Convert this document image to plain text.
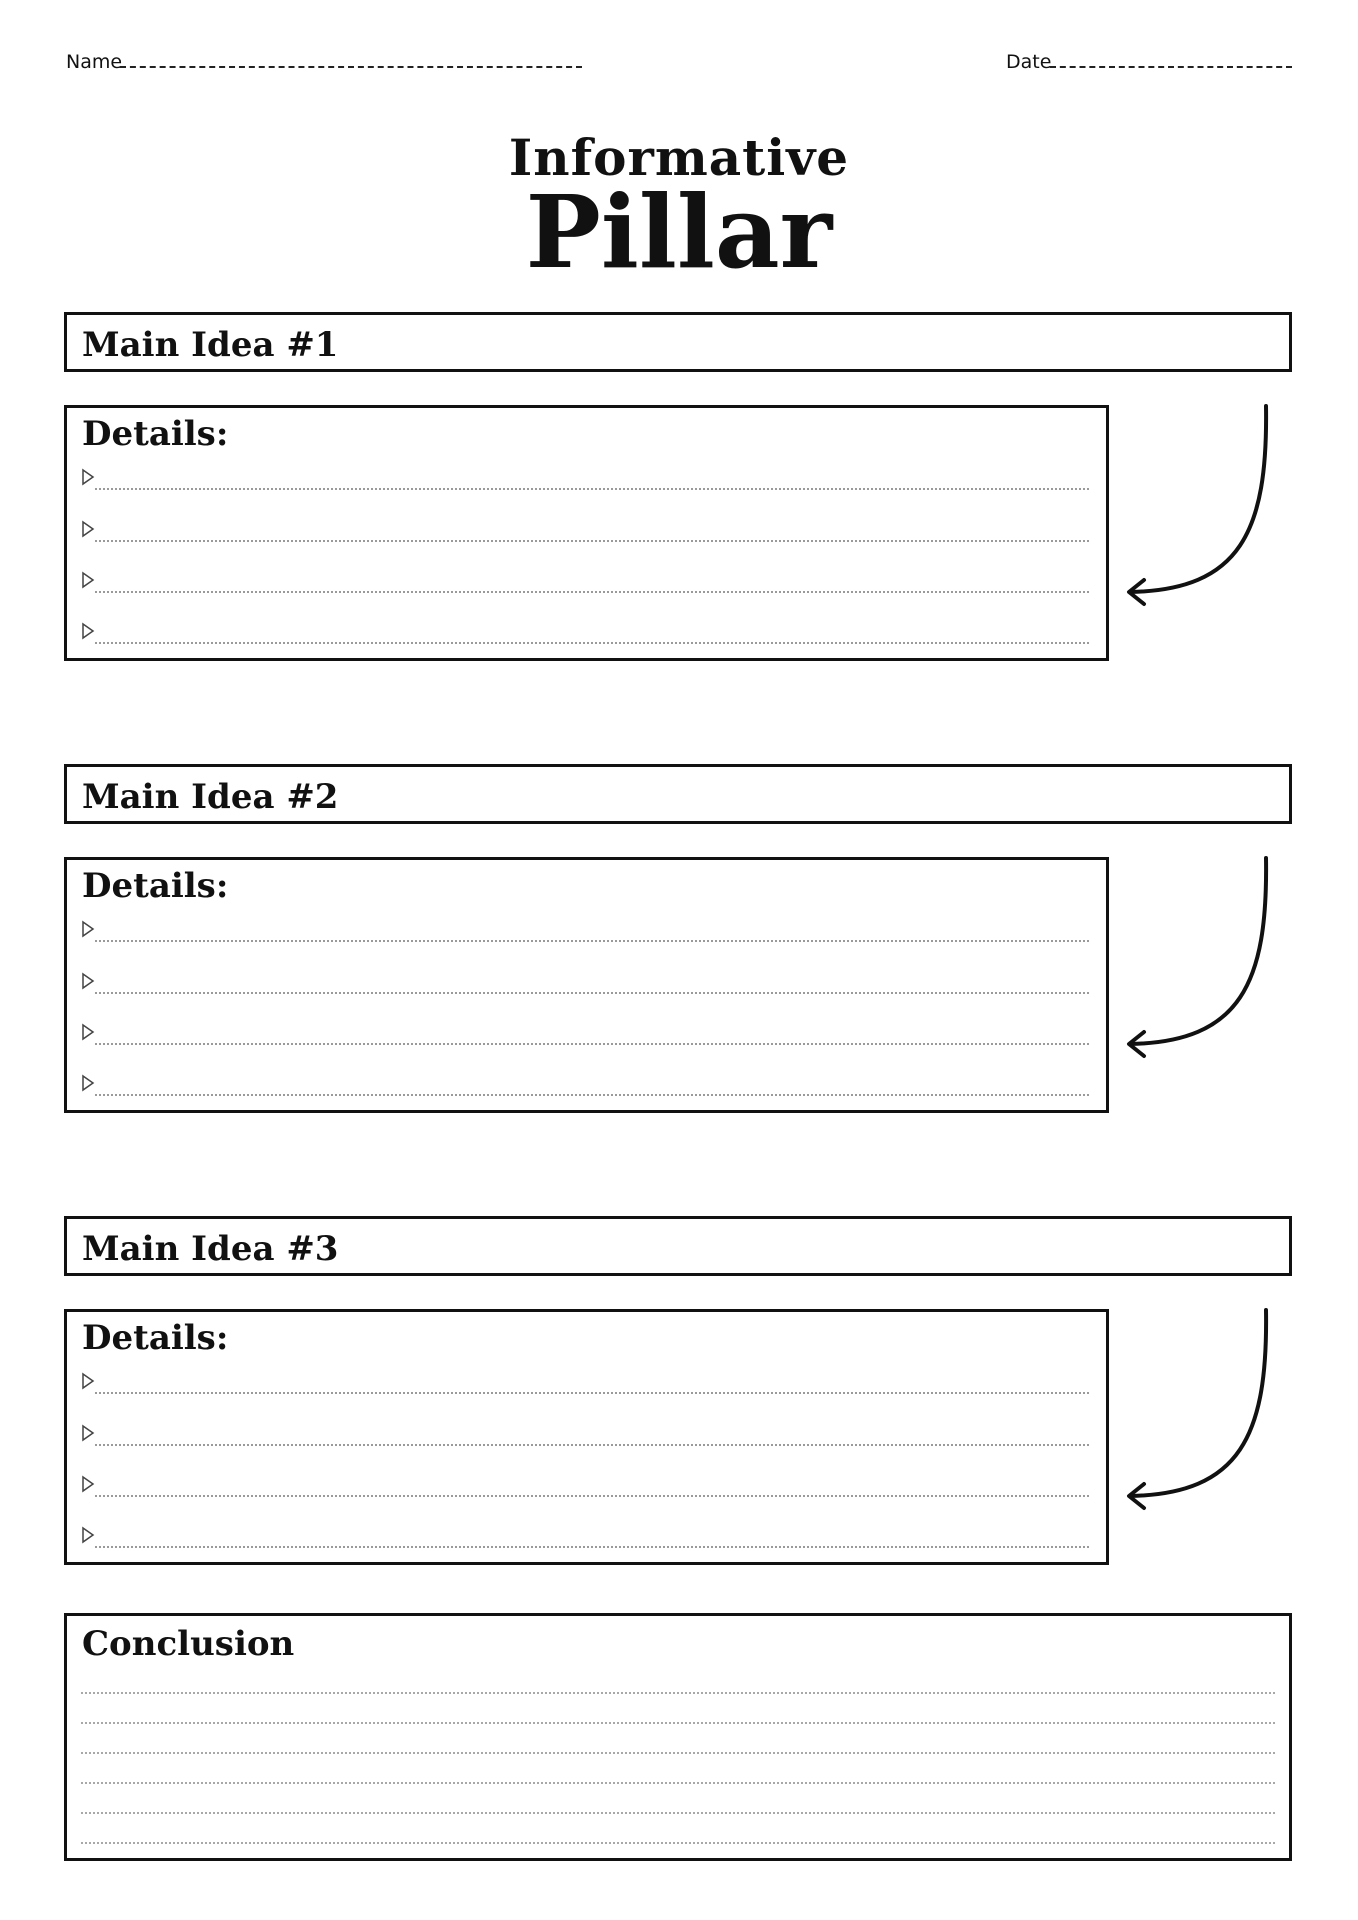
Name	Date
Informative
Pillar
Main Idea #1
Details:
Main Idea #2
Details:
Main Idea #3
Details:
Conclusion
